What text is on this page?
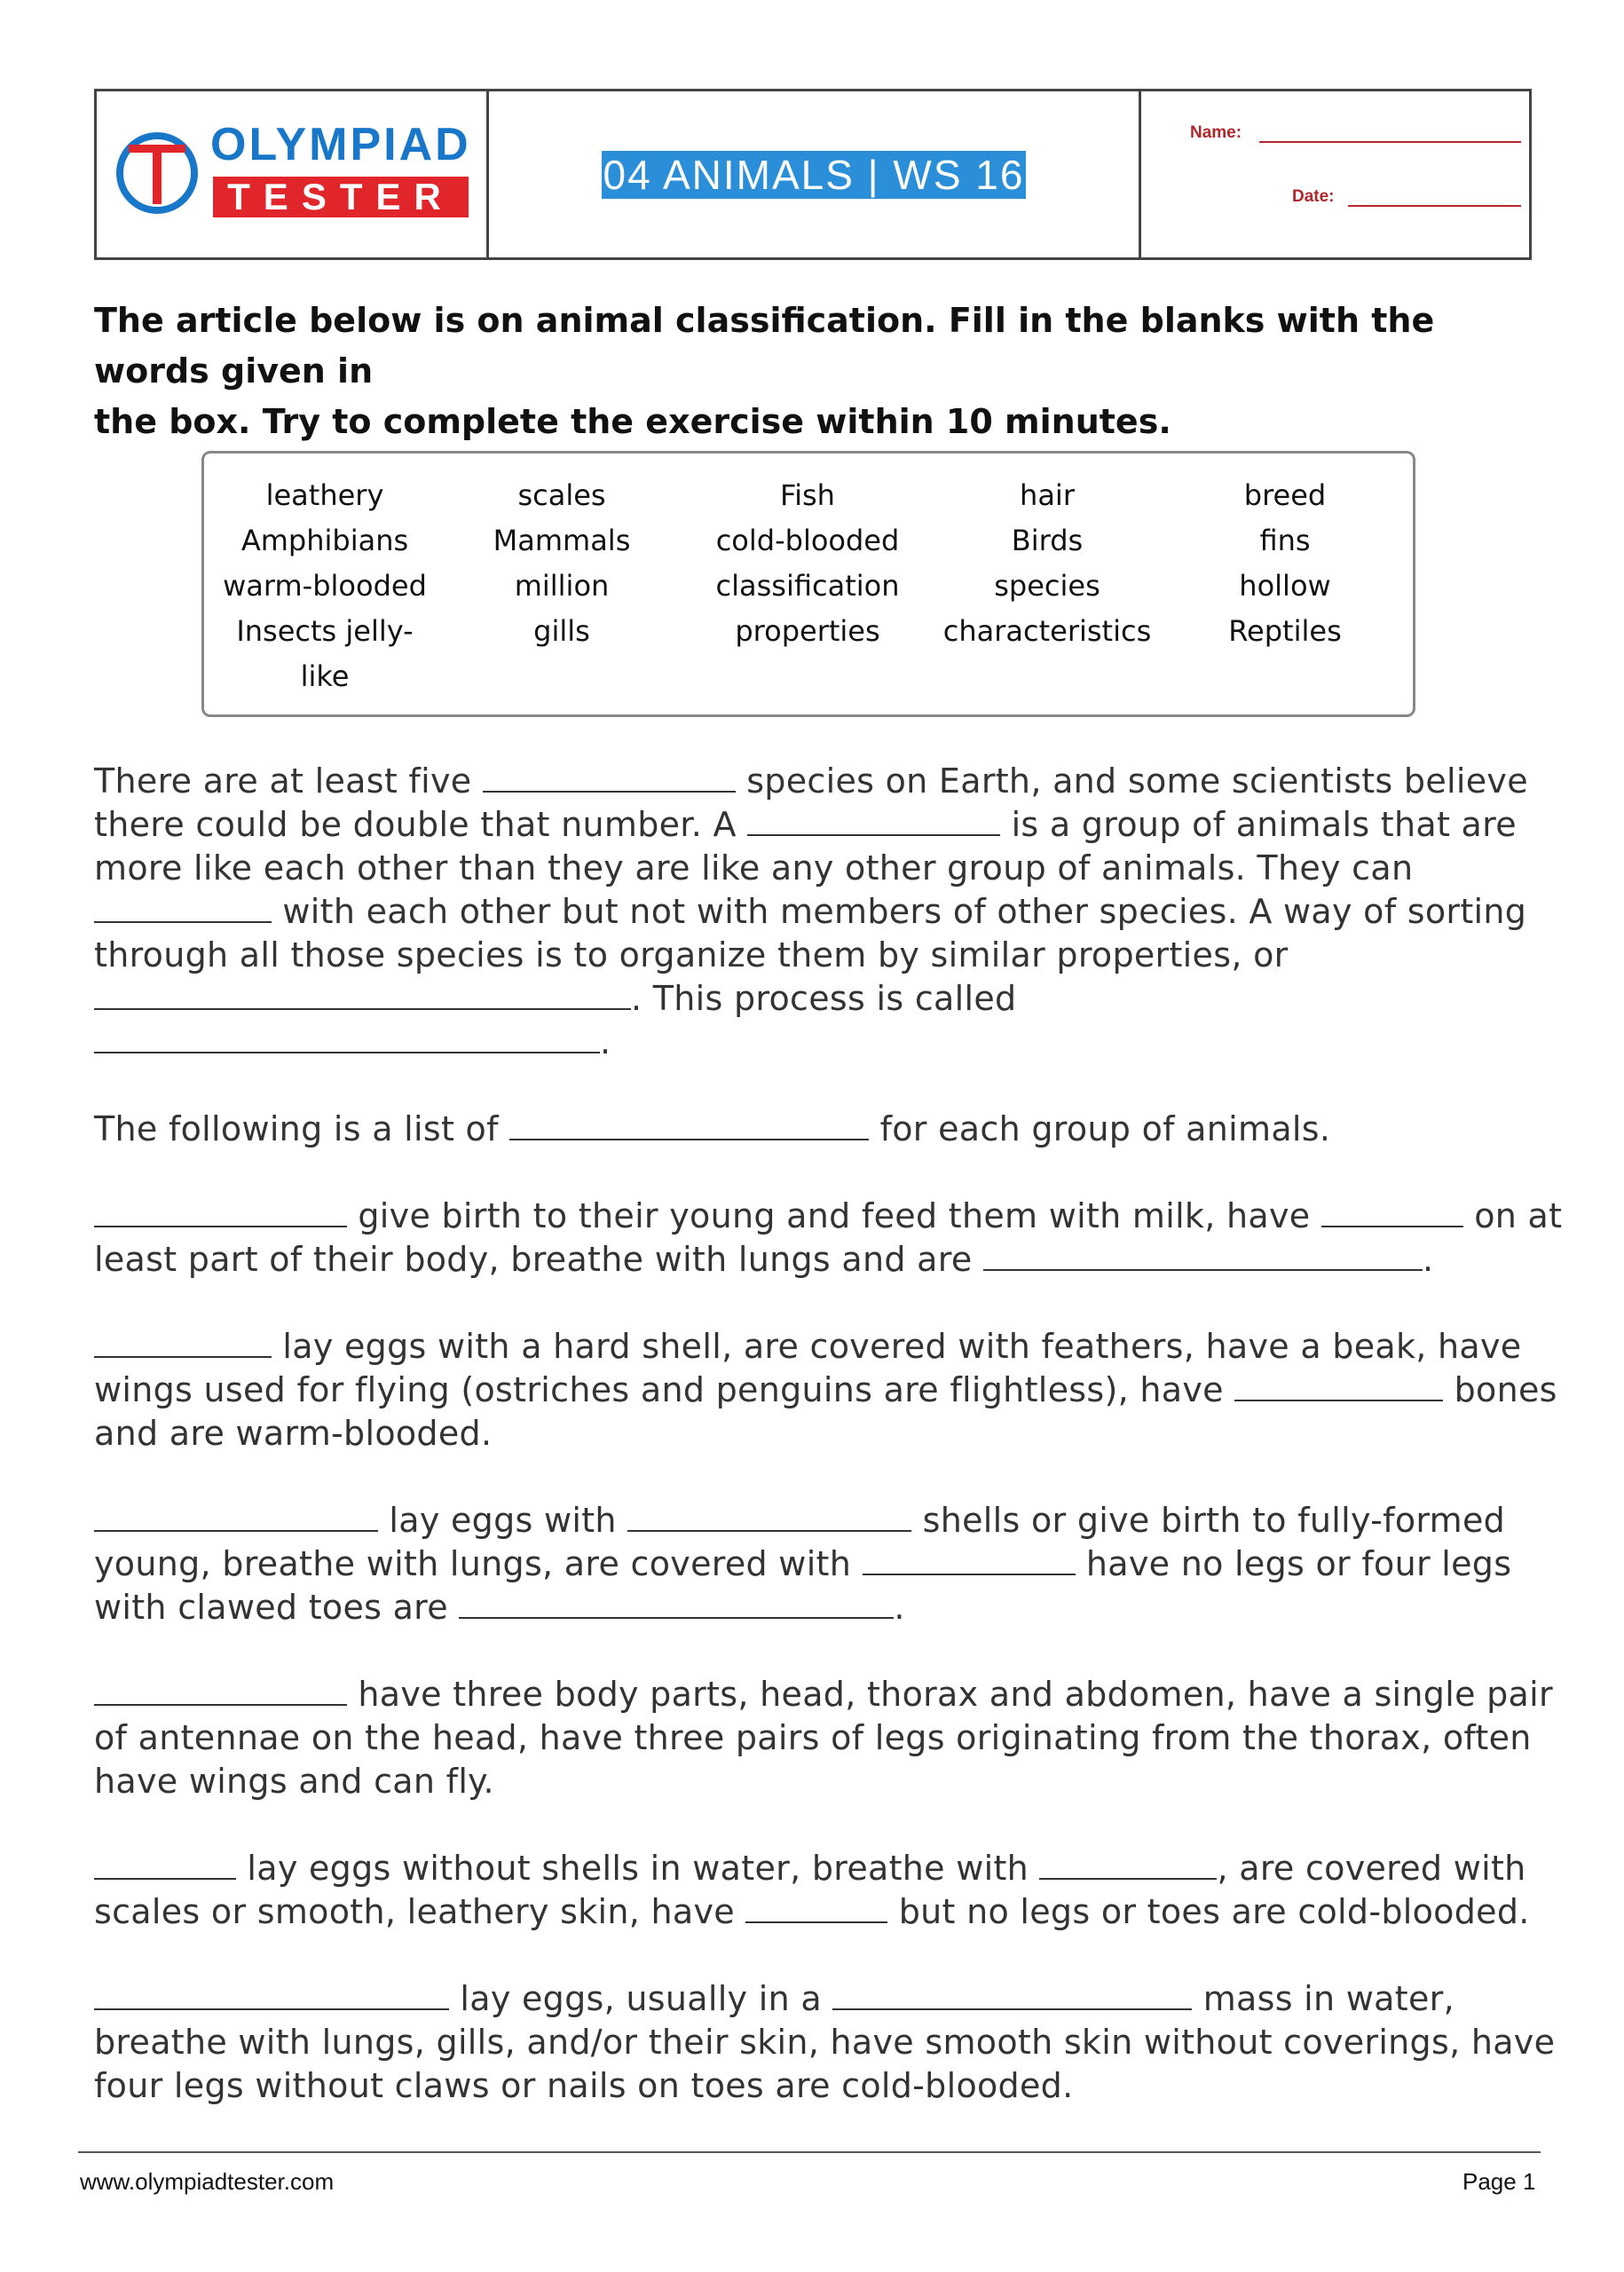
OLYMPIAD
TESTER	04 ANIMALS | WS 16
Name:
Date:
The article below is on animal classification. Fill in the blanks with the words given in
the box. Try to complete the exercise within 10 minutes.
leathery
Amphibians
warm-blooded
Insects jelly-
like
scales
Mammals
million
gills
Fish
cold-blooded
classification
properties
hair
Birds
species
characteristics
breed
fins
hollow
Reptiles
There are at least five	species on Earth, and some scientists believe
there could be double that number. A	is a group of animals that are
more like each other than they are like any other group of animals. They can
with each other but not with members of other species. A way of sorting
through all those species is to organize them by similar properties, or
. This process is called
.
The following is a list of	for each group of animals.
give birth to their young and feed them with milk, have	on at
least part of their body, breathe with lungs and are	.
lay eggs with a hard shell, are covered with feathers, have a beak, have
wings used for flying (ostriches and penguins are flightless), have	bones
and are warm-blooded.
lay eggs with	shells or give birth to fully-formed
young, breathe with lungs, are covered with	have no legs or four legs
with clawed toes are	.
have three body parts, head, thorax and abdomen, have a single pair
of antennae on the head, have three pairs of legs originating from the thorax, often
have wings and can fly.
lay eggs without shells in water, breathe with	, are covered with
scales or smooth, leathery skin, have	but no legs or toes are cold-blooded.
lay eggs, usually in a	mass in water,
breathe with lungs, gills, and/or their skin, have smooth skin without coverings, have
four legs without claws or nails on toes are cold-blooded.
www.olympiadtester.com	Page 1
